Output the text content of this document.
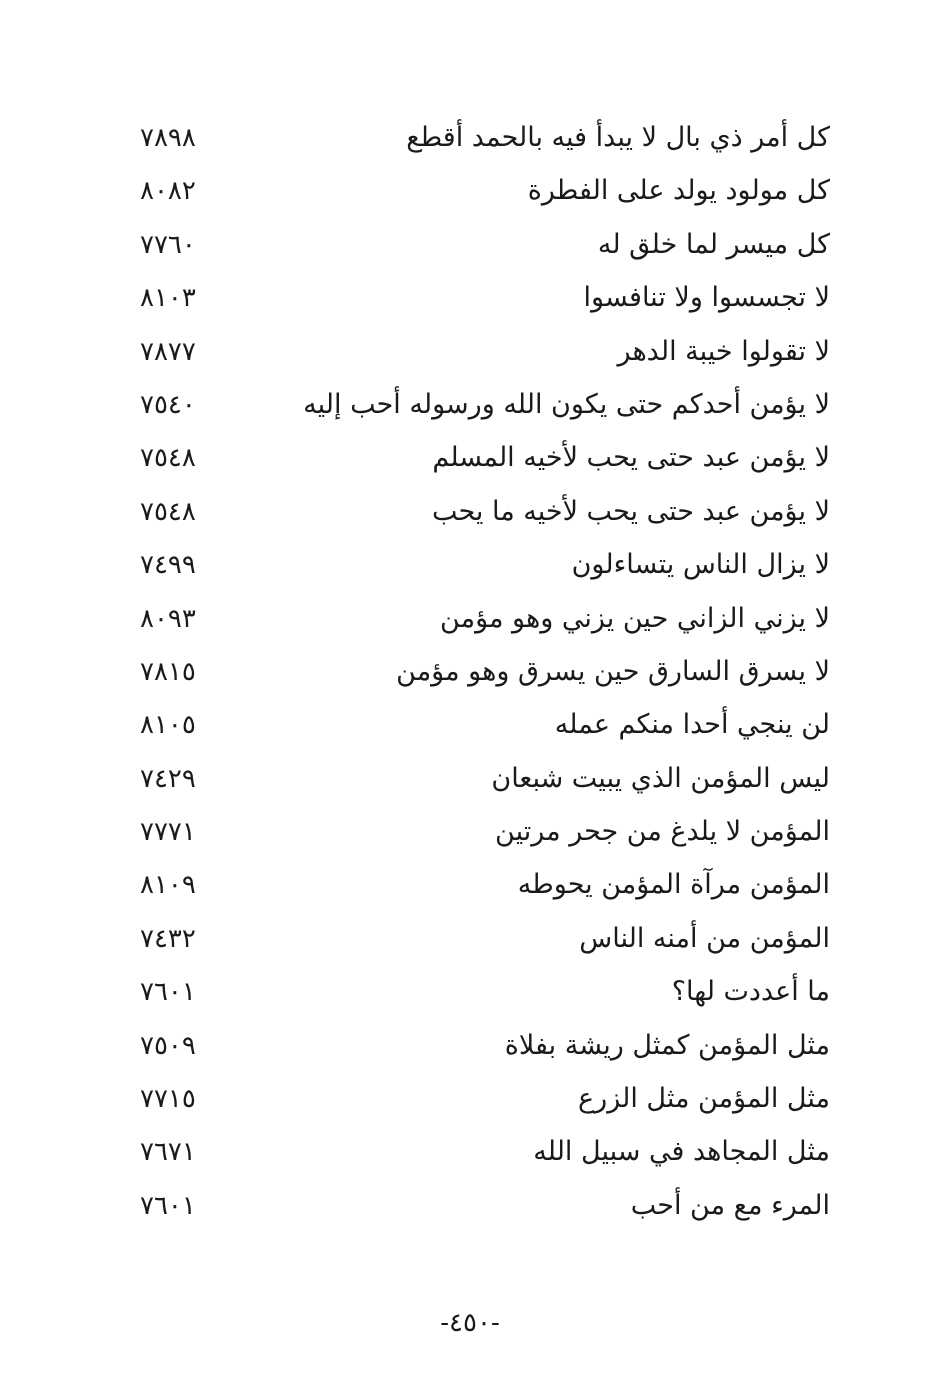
كل أمر ذي بال لا يبدأ فيه بالحمد أقطع
٧٨٩٨
كل مولود يولد على الفطرة
٨٠٨٢
كل ميسر لما خلق له
٧٧٦٠
لا تجسسوا ولا تنافسوا
٨١٠٣
لا تقولوا خيبة الدهر
٧٨٧٧
لا يؤمن أحدكم حتى يكون الله ورسوله أحب إليه
٧٥٤٠
لا يؤمن عبد حتى يحب لأخيه المسلم
٧٥٤٨
لا يؤمن عبد حتى يحب لأخيه ما يحب
٧٥٤٨
لا يزال الناس يتساءلون
٧٤٩٩
لا يزني الزاني حين يزني وهو مؤمن
٨٠٩٣
لا يسرق السارق حين يسرق وهو مؤمن
٧٨١٥
لن ينجي أحدا منكم عمله
٨١٠٥
ليس المؤمن الذي يبيت شبعان
٧٤٢٩
المؤمن لا يلدغ من جحر مرتين
٧٧٧١
المؤمن مرآة المؤمن يحوطه
٨١٠٩
المؤمن من أمنه الناس
٧٤٣٢
ما أعددت لها؟
٧٦٠١
مثل المؤمن كمثل ريشة بفلاة
٧٥٠٩
مثل المؤمن مثل الزرع
٧٧١٥
مثل المجاهد في سبيل الله
٧٦٧١
المرء مع من أحب
٧٦٠١
-٤٥٠-
